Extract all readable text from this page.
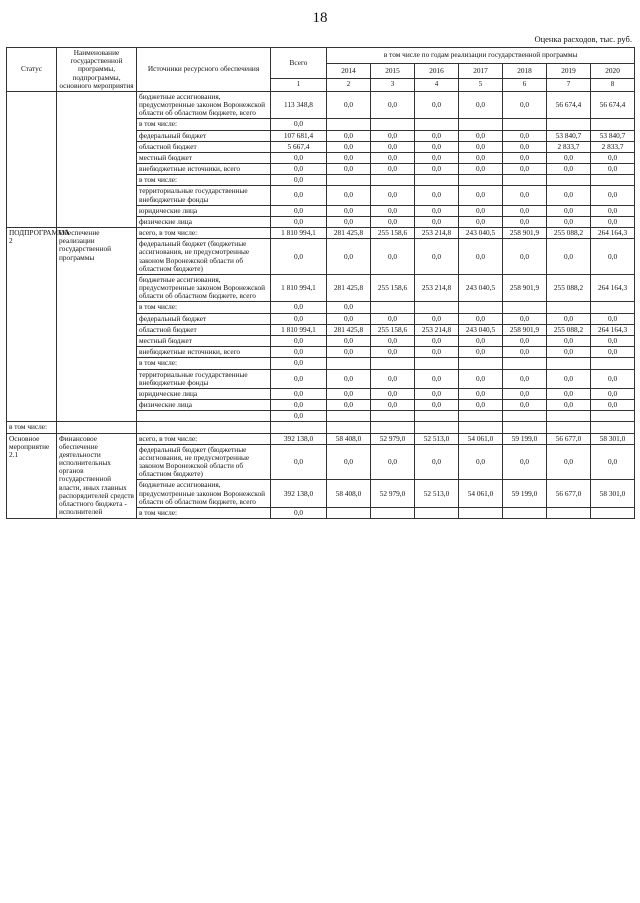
18
Оценка расходов, тыс. руб.
Статус	Наименование государственной программы, подпрограммы, основного мероприятия	Источники ресурсного обеспечения	Всего	в том числе по годам реализации государственной программы							
				2014	2015	2016	2017	2018	2019	2020	
			1	2	3	4	5	6	7	8			
		бюджетные ассигнования, предусмотренные законом Воронежской области об областном бюджете, всего	113 348,8	0,0	0,0	0,0	0,0	0,0	56 674,4	56 674,4	
		в том числе:	0,0								
		федеральный бюджет	107 681,4	0,0	0,0	0,0	0,0	0,0	53 840,7	53 840,7	
		областной бюджет	5 667,4	0,0	0,0	0,0	0,0	0,0	2 833,7	2 833,7	
		местный бюджет	0,0	0,0	0,0	0,0	0,0	0,0	0,0	0,0	
		внебюджетные источники, всего	0,0	0,0	0,0	0,0	0,0	0,0	0,0	0,0	
		в том числе:	0,0								
		территориальные государственные внебюджетные фонды	0,0	0,0	0,0	0,0	0,0	0,0	0,0	0,0	
		юридические лица	0,0	0,0	0,0	0,0	0,0	0,0	0,0	0,0	
		физические лица	0,0	0,0	0,0	0,0	0,0	0,0	0,0	0,0	
ПОДПРОГРАММА 2	Обеспечение реализации государственной программы	всего, в том числе:	1 810 994,1	281 425,8	255 158,6	253 214,8	243 040,5	258 901,9	255 088,2	264 164,3	
		федеральный бюджет (бюджетные ассигнования, не предусмотренные законом Воронежской области об областном бюджете)	0,0	0,0	0,0	0,0	0,0	0,0	0,0	0,0	
		бюджетные ассигнования, предусмотренные законом Воронежской области об областном бюджете, всего	1 810 994,1	281 425,8	255 158,6	253 214,8	243 040,5	258 901,9	255 088,2	264 164,3	
		в том числе:	0,0	0,0							
		федеральный бюджет	0,0	0,0	0,0	0,0	0,0	0,0	0,0	0,0	
		областной бюджет	1 810 994,1	281 425,8	255 158,6	253 214,8	243 040,5	258 901,9	255 088,2	264 164,3	
		местный бюджет	0,0	0,0	0,0	0,0	0,0	0,0	0,0	0,0	
		внебюджетные источники, всего	0,0	0,0	0,0	0,0	0,0	0,0	0,0	0,0	
		в том числе:	0,0								
		территориальные государственные внебюджетные фонды	0,0	0,0	0,0	0,0	0,0	0,0	0,0	0,0	
		юридические лица	0,0	0,0	0,0	0,0	0,0	0,0	0,0	0,0	
		физические лица	0,0	0,0	0,0	0,0	0,0	0,0	0,0	0,0	
			0,0								
в том числе:											
Основное мероприятие 2.1	Финансовое обеспечение деятельности исполнительных органов государственной власти, иных главных распорядителей средств областного бюджета - исполнителей	всего, в том числе:	392 138,0	58 408,0	52 979,0	52 513,0	54 061,0	59 199,0	56 677,0	58 301,0	
		федеральный бюджет (бюджетные ассигнования, не предусмотренные законом Воронежской области об областном бюджете)	0,0	0,0	0,0	0,0	0,0	0,0	0,0	0,0	
		бюджетные ассигнования, предусмотренные законом Воронежской области об областном бюджете, всего	392 138,0	58 408,0	52 979,0	52 513,0	54 061,0	59 199,0	56 677,0	58 301,0	
		в том числе:	0,0								
